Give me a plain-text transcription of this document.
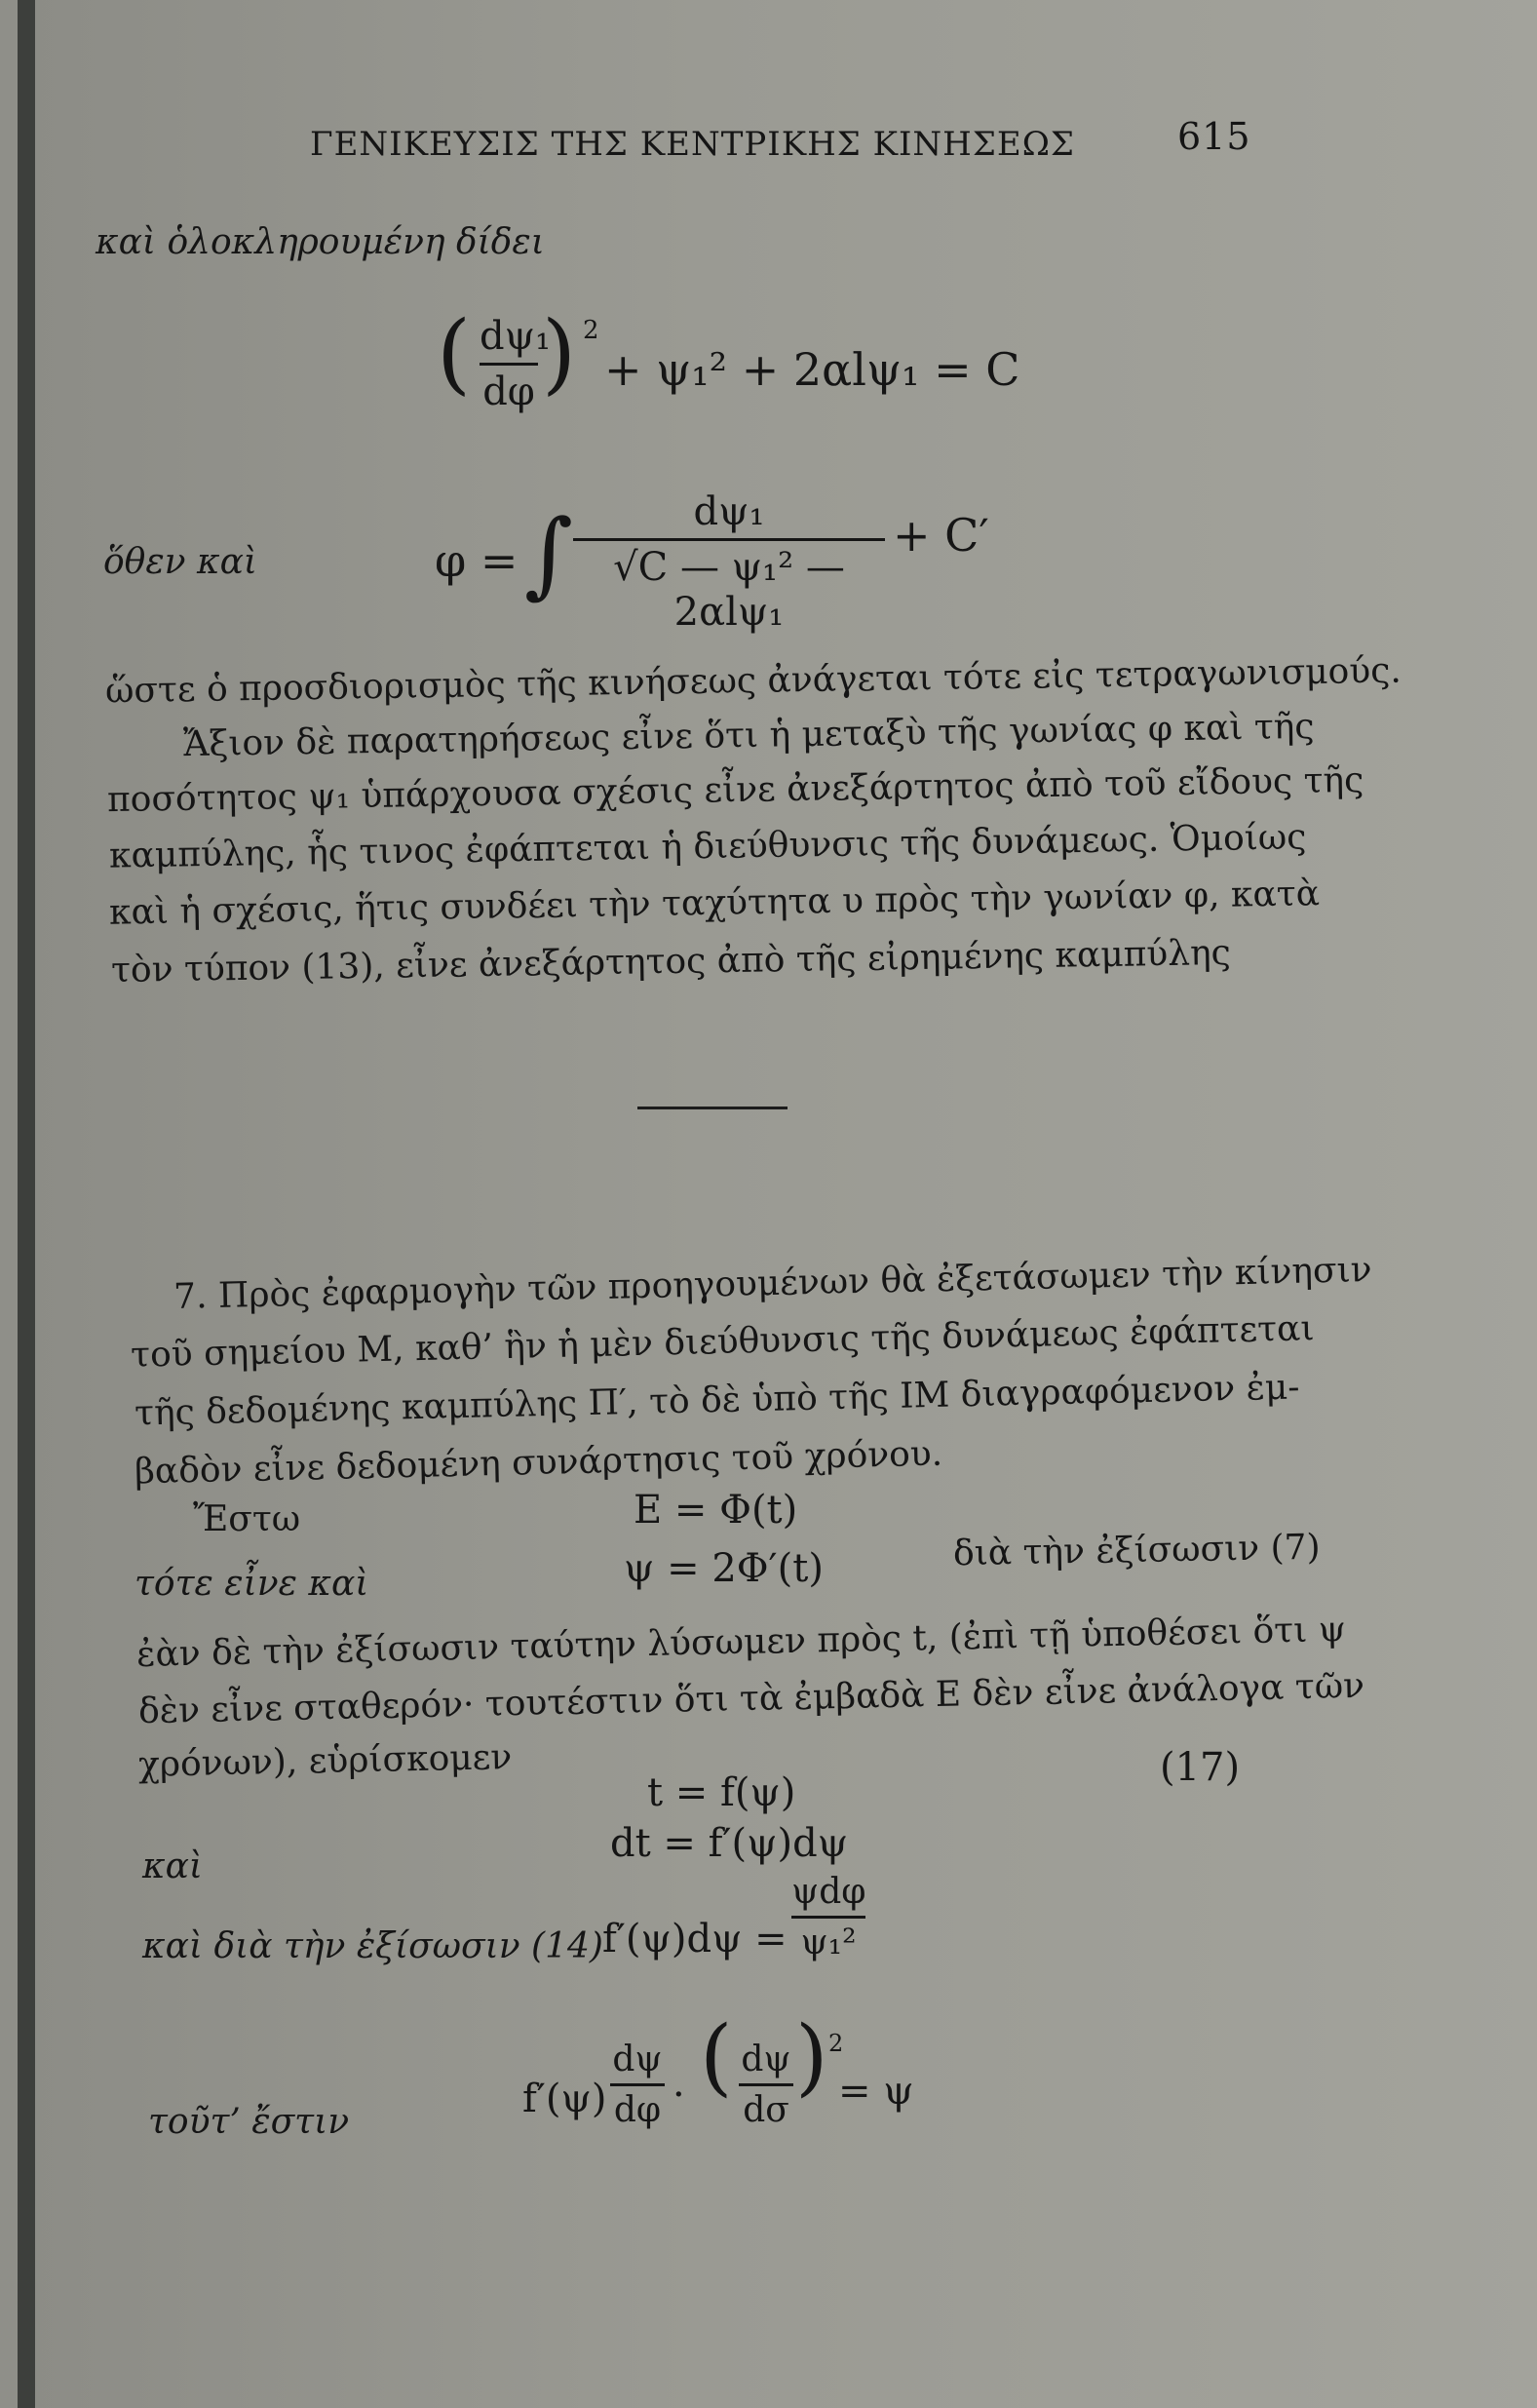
ΓΕΝΙΚΕΥΣΙΣ ΤΗΣ ΚΕΝΤΡΙΚΗΣ ΚΙΝΗΣΕΩΣ	615
καὶ ὁλοκληρουμένη δίδει
( dψ₁
dφ ) 2
+ ψ₁² + 2αlψ₁ = C
ὅθεν καὶ	φ = ∫	dψ₁
√C — ψ₁² — 2αlψ₁
+ C′
ὥστε ὁ προσδιορισμὸς τῆς κινήσεως ἀνάγεται τότε εἰς τετραγωνισμούς.
Ἄξιον δὲ παρατηρήσεως εἶνε ὅτι ἡ μεταξὺ τῆς γωνίας φ καὶ τῆς
ποσότητος ψ₁ ὑπάρχουσα σχέσις εἶνε ἀνεξάρτητος ἀπὸ τοῦ εἴδους τῆς
καμπύλης, ἧς τινος ἐφάπτεται ἡ διεύθυνσις τῆς δυνάμεως. Ὁμοίως
καὶ ἡ σχέσις, ἥτις συνδέει τὴν ταχύτητα υ πρὸς τὴν γωνίαν φ, κατὰ
τὸν τύπον (13), εἶνε ἀνεξάρτητος ἀπὸ τῆς εἰρημένης καμπύλης
7. Πρὸς ἐφαρμογὴν τῶν προηγουμένων θὰ ἐξετάσωμεν τὴν κίνησιν
τοῦ σημείου Μ, καθ’ ἣν ἡ μὲν διεύθυνσις τῆς δυνάμεως ἐφάπτεται
τῆς δεδομένης καμπύλης Π′, τὸ δὲ ὑπὸ τῆς ΙΜ διαγραφόμενον ἐμ-
βαδὸν εἶνε δεδομένη συνάρτησις τοῦ χρόνου.
Ἔστω	E = Φ(t)
τότε εἶνε καὶ	ψ = 2Φ′(t)	διὰ τὴν ἐξίσωσιν (7)
ἐὰν δὲ τὴν ἐξίσωσιν ταύτην λύσωμεν πρὸς t, (ἐπὶ τῇ ὑποθέσει ὅτι ψ
δὲν εἶνε σταθερόν· τουτέστιν ὅτι τὰ ἐμβαδὰ Ε δὲν εἶνε ἀνάλογα τῶν
χρόνων), εὑρίσκομεν
t = f(ψ)
(17)
καὶ
dt = f′(ψ)dψ
καὶ διὰ τὴν ἐξίσωσιν (14) f′(ψ)dψ =
ψdφ
ψ₁²
τοῦτ’ ἔστιν
f′(ψ)
dψ
dφ · ( dψ
dσ
) 2
= ψ
